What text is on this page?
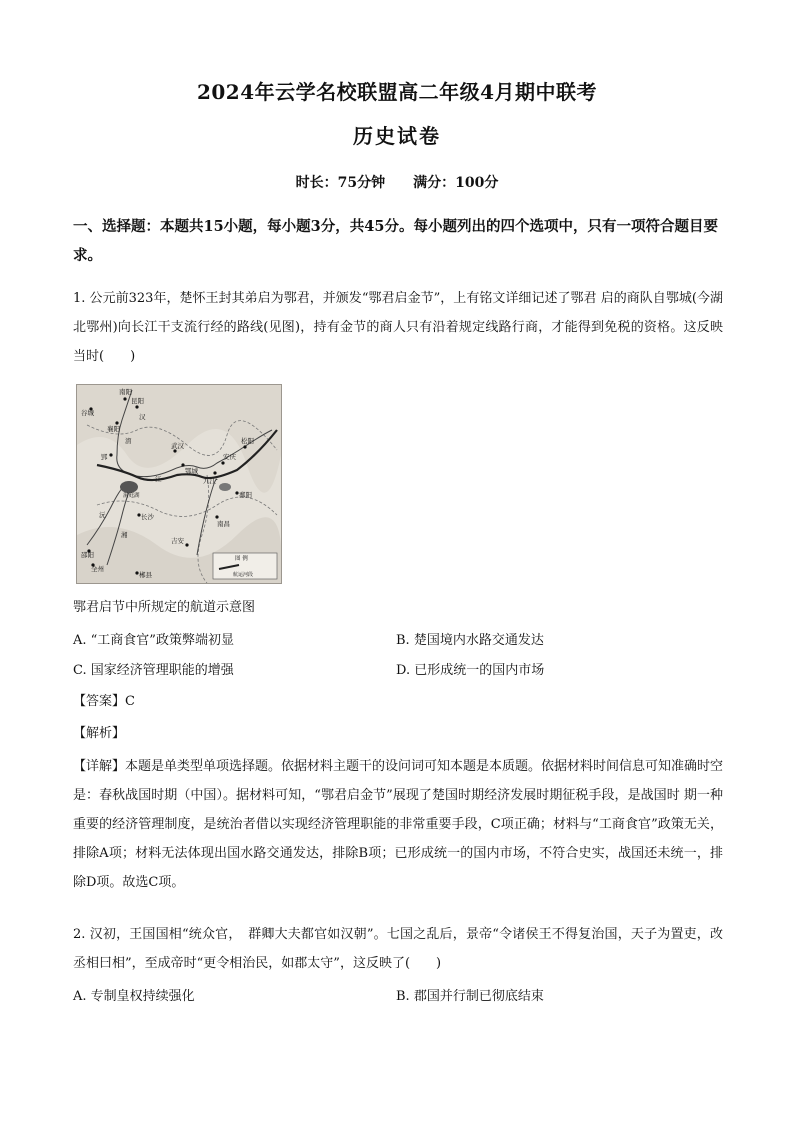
2024年云学名校联盟高二年级4月期中联考
历史试卷
时长：75分钟 满分：100分
一、选择题：本题共15小题，每小题3分，共45分。每小题列出的四个选项中，只有一项符合题目要求。
1. 公元前323年，楚怀王封其弟启为鄂君，并颁发“鄂君启金节”，上有铭文详细记述了鄂君 启的商队自鄂城(今湖北鄂州)向长江干支流行经的路线(见图)，持有金节的商人只有沿着规定线路行商，才能得到免税的资格。这反映当时(　　)
南阳
谷城
襄阳
昆阳
郢
武汉
鄂城
安庆
松阳
九江
鄱阳
洞庭湖
长沙
南昌
吉安
郴县
全州
邵阳
汉
淯
沅
湘
江
图 例
航运河段
鄂君启节中所规定的航道示意图
A. “工商食官”政策弊端初显	B. 楚国境内水路交通发达
C. 国家经济管理职能的增强	D. 已形成统一的国内市场
【答案】C
【解析】
【详解】本题是单类型单项选择题。依据材料主题干的设问词可知本题是本质题。依据材料时间信息可知准确时空是：春秋战国时期（中国）。据材料可知，“鄂君启金节”展现了楚国时期经济发展时期征税手段，是战国时 期一种重要的经济管理制度，是统治者借以实现经济管理职能的非常重要手段，C项正确；材料与“工商食官”政策无关，排除A项；材料无法体现出国水路交通发达，排除B项；已形成统一的国内市场，不符合史实，战国还未统一，排除D项。故选C项。
2. 汉初，王国国相“统众官，　群卿大夫都官如汉朝”。七国之乱后，景帝“令诸侯王不得复治国，天子为置吏，改丞相曰相”，至成帝时“更令相治民，如郡太守”，这反映了(　　)
A. 专制皇权持续强化	B. 郡国并行制已彻底结束
